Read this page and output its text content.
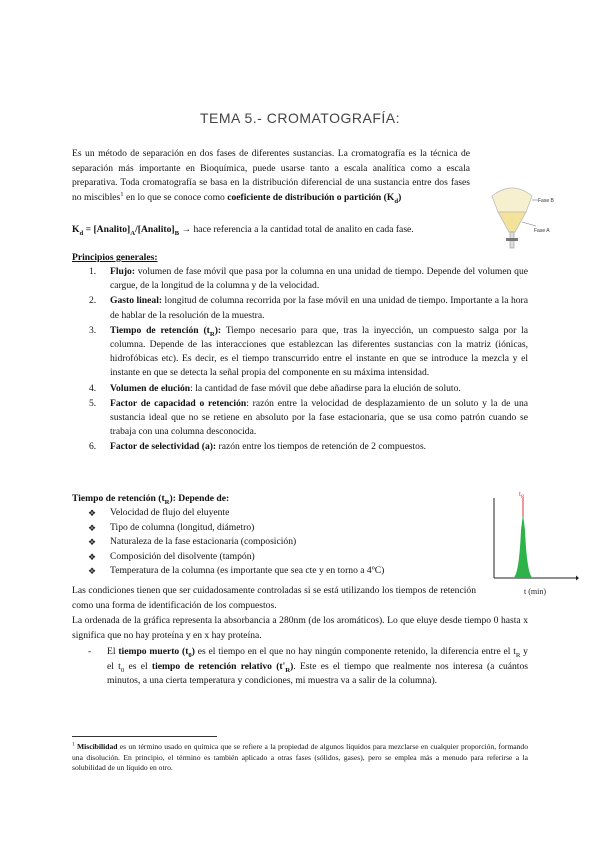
TEMA 5.- CROMATOGRAFÍA:
Es un método de separación en dos fases de diferentes sustancias. La cromatografía es la técnica de separación más importante en Bioquímica, puede usarse tanto a escala analítica como a escala preparativa. Toda cromatografía se basa en la distribución diferencial de una sustancia entre dos fases no miscibles$^1$ en lo que se conoce como coeficiente de distribución o partición $(K_d)$
$K_d$ = $[Analito]_A/[Analito]_B$ → hace referencia a la cantidad total de analito en cada fase.
Fase B
Fase A
Principios generales:
1. Flujo: volumen de fase móvil que pasa por la columna en una unidad de tiempo. Depende del volumen que cargue, de la longitud de la columna y de la velocidad.
2. Gasto lineal: longitud de columna recorrida por la fase móvil en una unidad de tiempo. Importante a la hora de hablar de la resolución de la muestra.
3. Tiempo de retención $(t_R)$: Tiempo necesario para que, tras la inyección, un compuesto salga por la columna. Depende de las interacciones que establezcan las diferentes sustancias con la matriz (iónicas, hidrofóbicas etc). Es decir, es el tiempo transcurrido entre el instante en que se introduce la mezcla y el instante en que se detecta la señal propia del componente en su máxima intensidad.
4. Volumen de elución: la cantidad de fase móvil que debe añadirse para la elución de soluto.
5. Factor de capacidad o retención: razón entre la velocidad de desplazamiento de un soluto y la de una sustancia ideal que no se retiene en absoluto por la fase estacionaria, que se usa como patrón cuando se trabaja con una columna desconocida.
6. Factor de selectividad (a): razón entre los tiempos de retención de 2 compuestos.
Tiempo de retención $(t_R)$: Depende de:
❖ Velocidad de flujo del eluyente
❖ Tipo de columna (longitud, diámetro)
❖ Naturaleza de la fase estacionaria (composición)
❖ Composición del disolvente (tampón)
❖ Temperatura de la columna (es importante que sea cte y en torno a 4ºC)
$t_R$
t (min)
Las condiciones tienen que ser cuidadosamente controladas si se está utilizando los tiempos de retención como una forma de identificación de los compuestos.
La ordenada de la gráfica representa la absorbancia a 280nm (de los aromáticos). Lo que eluye desde tiempo 0 hasta x significa que no hay proteína y en x hay proteína.
- El tiempo muerto $(t_0)$ es el tiempo en el que no hay ningún componente retenido, la diferencia entre el $t_R$ y el $t_0$ es el tiempo de retención relativo $(t'_R)$. Este es el tiempo que realmente nos interesa (a cuántos minutos, a una cierta temperatura y condiciones, mi muestra va a salir de la columna).
$^1$ Miscibilidad es un término usado en química que se refiere a la propiedad de algunos líquidos para mezclarse en cualquier proporción, formando una disolución. En principio, el término es también aplicado a otras fases (sólidos, gases), pero se emplea más a menudo para referirse a la solubilidad de un líquido en otro.
